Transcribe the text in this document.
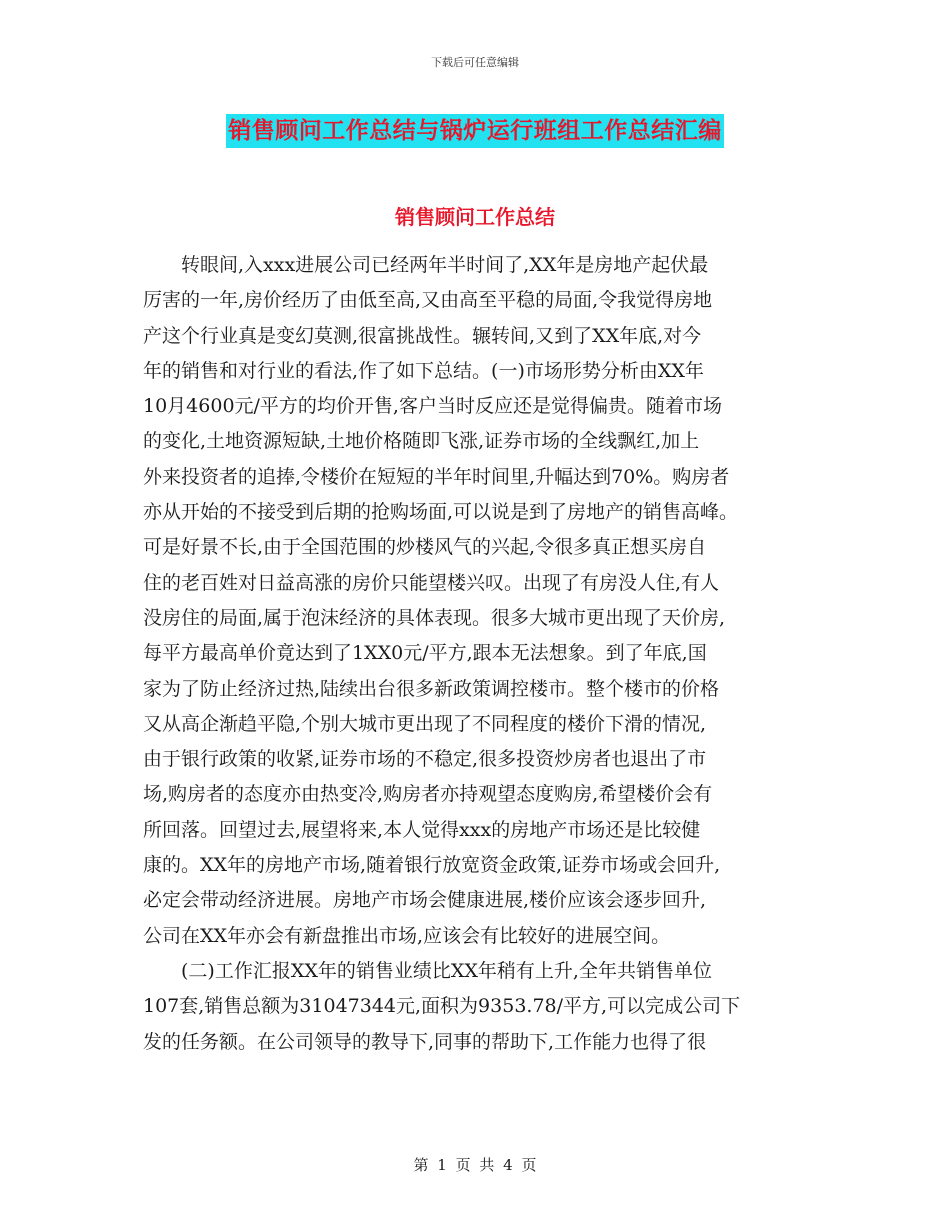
下载后可任意编辑
销售顾问工作总结与锅炉运行班组工作总结汇编
销售顾问工作总结
　　转眼间,入xxx进展公司已经两年半时间了,XX年是房地产起伏最
厉害的一年,房价经历了由低至高,又由高至平稳的局面,令我觉得房地
产这个行业真是变幻莫测,很富挑战性。辗转间,又到了XX年底,对今
年的销售和对行业的看法,作了如下总结。(一)市场形势分析由XX年
10月4600元/平方的均价开售,客户当时反应还是觉得偏贵。随着市场
的变化,土地资源短缺,土地价格随即飞涨,证券市场的全线飘红,加上
外来投资者的追捧,令楼价在短短的半年时间里,升幅达到70%。购房者
亦从开始的不接受到后期的抢购场面,可以说是到了房地产的销售高峰。
可是好景不长,由于全国范围的炒楼风气的兴起,令很多真正想买房自
住的老百姓对日益高涨的房价只能望楼兴叹。出现了有房没人住,有人
没房住的局面,属于泡沫经济的具体表现。很多大城市更出现了天价房,
每平方最高单价竟达到了1XX0元/平方,跟本无法想象。到了年底,国
家为了防止经济过热,陆续出台很多新政策调控楼市。整个楼市的价格
又从高企渐趋平隐,个别大城市更出现了不同程度的楼价下滑的情况,
由于银行政策的收紧,证券市场的不稳定,很多投资炒房者也退出了市
场,购房者的态度亦由热变冷,购房者亦持观望态度购房,希望楼价会有
所回落。回望过去,展望将来,本人觉得xxx的房地产市场还是比较健
康的。XX年的房地产市场,随着银行放宽资金政策,证券市场或会回升,
必定会带动经济进展。房地产市场会健康进展,楼价应该会逐步回升,
公司在XX年亦会有新盘推出市场,应该会有比较好的进展空间。
　　(二)工作汇报XX年的销售业绩比XX年稍有上升,全年共销售单位
107套,销售总额为31047344元,面积为9353.78/平方,可以完成公司下
发的任务额。在公司领导的教导下,同事的帮助下,工作能力也得了很
第 1 页 共 4 页
